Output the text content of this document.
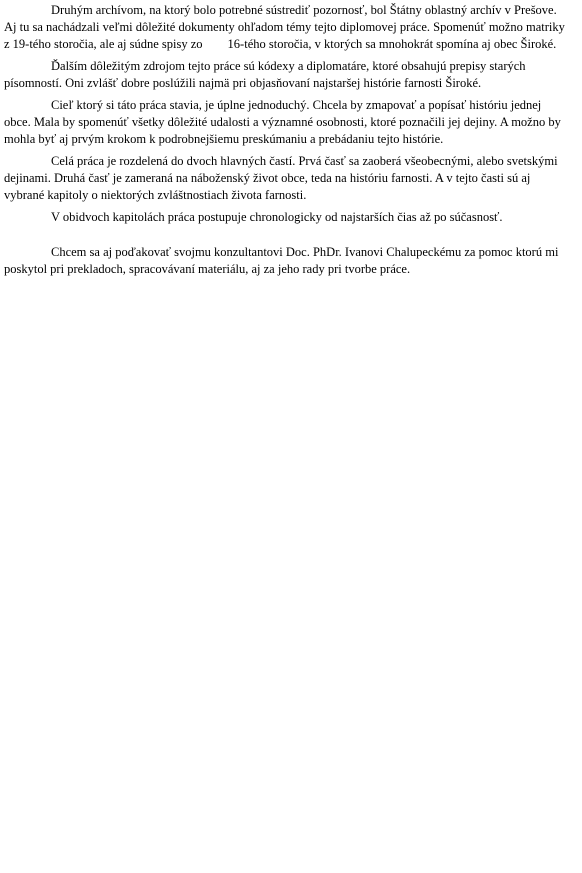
Druhým archívom, na ktorý bolo potrebné sústrediť pozornosť, bol Štátny oblastný archív v Prešove. Aj tu sa nachádzali veľmi dôležité dokumenty ohľadom témy tejto diplomovej práce. Spomenúť možno matriky z 19-tého storočia, ale aj súdne spisy zo        16-tého storočia, v ktorých sa mnohokrát spomína aj obec Široké.

Ďalším dôležitým zdrojom tejto práce sú kódexy a diplomatáre, ktoré obsahujú prepisy starých písomností. Oni zvlášť dobre poslúžili najmä pri objasňovaní najstaršej histórie farnosti Široké.

Cieľ ktorý si táto práca stavia, je úplne jednoduchý. Chcela by zmapovať a popísať históriu jednej obce. Mala by spomenúť všetky dôležité udalosti a významné osobnosti, ktoré poznačili jej dejiny. A možno by mohla byť aj prvým krokom k podrobnejšiemu preskúmaniu a prebádaniu tejto histórie.

Celá práca je rozdelená do dvoch hlavných častí. Prvá časť sa zaoberá všeobecnými, alebo svetskými dejinami. Druhá časť je zameraná na náboženský život obce, teda na históriu farnosti. A v tejto časti sú aj vybrané kapitoly o niektorých zvláštnostiach života farnosti.

V obidvoch kapitolách práca postupuje chronologicky od najstarších čias až po súčasnosť.

Chcem sa aj poďakovať svojmu konzultantovi Doc. PhDr. Ivanovi Chalupeckému za pomoc ktorú mi poskytol pri prekladoch, spracovávaní materiálu, aj za jeho rady pri tvorbe práce.
